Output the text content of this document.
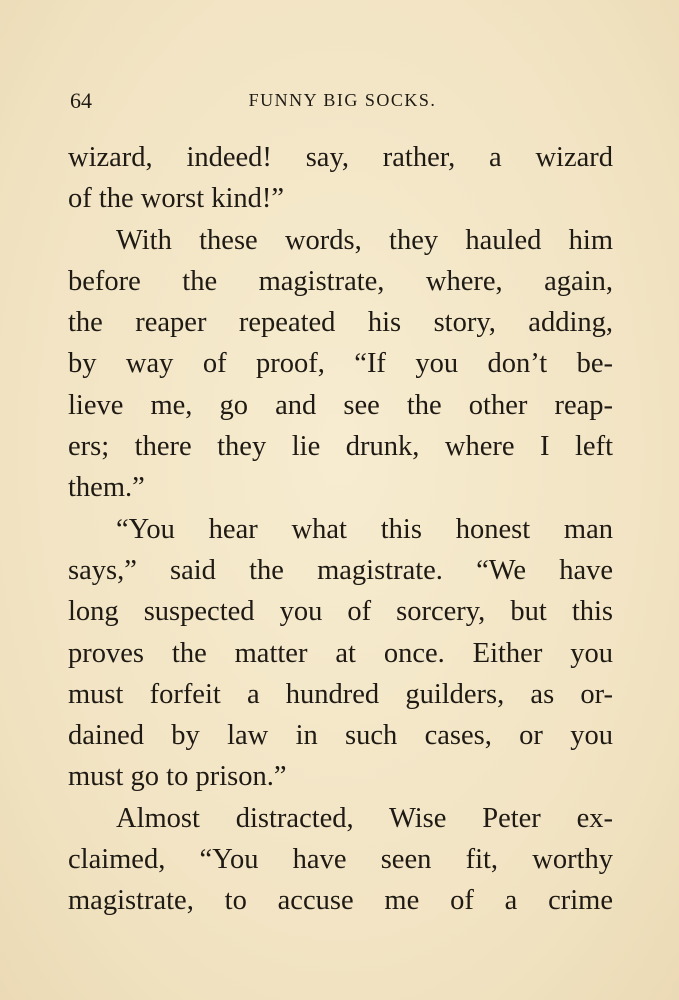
64	FUNNY BIG SOCKS.
wizard, indeed! say, rather, a wizard
of the worst kind!”
With these words, they hauled him
before the magistrate, where, again,
the reaper repeated his story, adding,
by way of proof, “If you don’t be-
lieve me, go and see the other reap-
ers; there they lie drunk, where I left
them.”
“You hear what this honest man
says,” said the magistrate. “We have
long suspected you of sorcery, but this
proves the matter at once. Either you
must forfeit a hundred guilders, as or-
dained by law in such cases, or you
must go to prison.”
Almost distracted, Wise Peter ex-
claimed, “You have seen fit, worthy
magistrate, to accuse me of a crime
